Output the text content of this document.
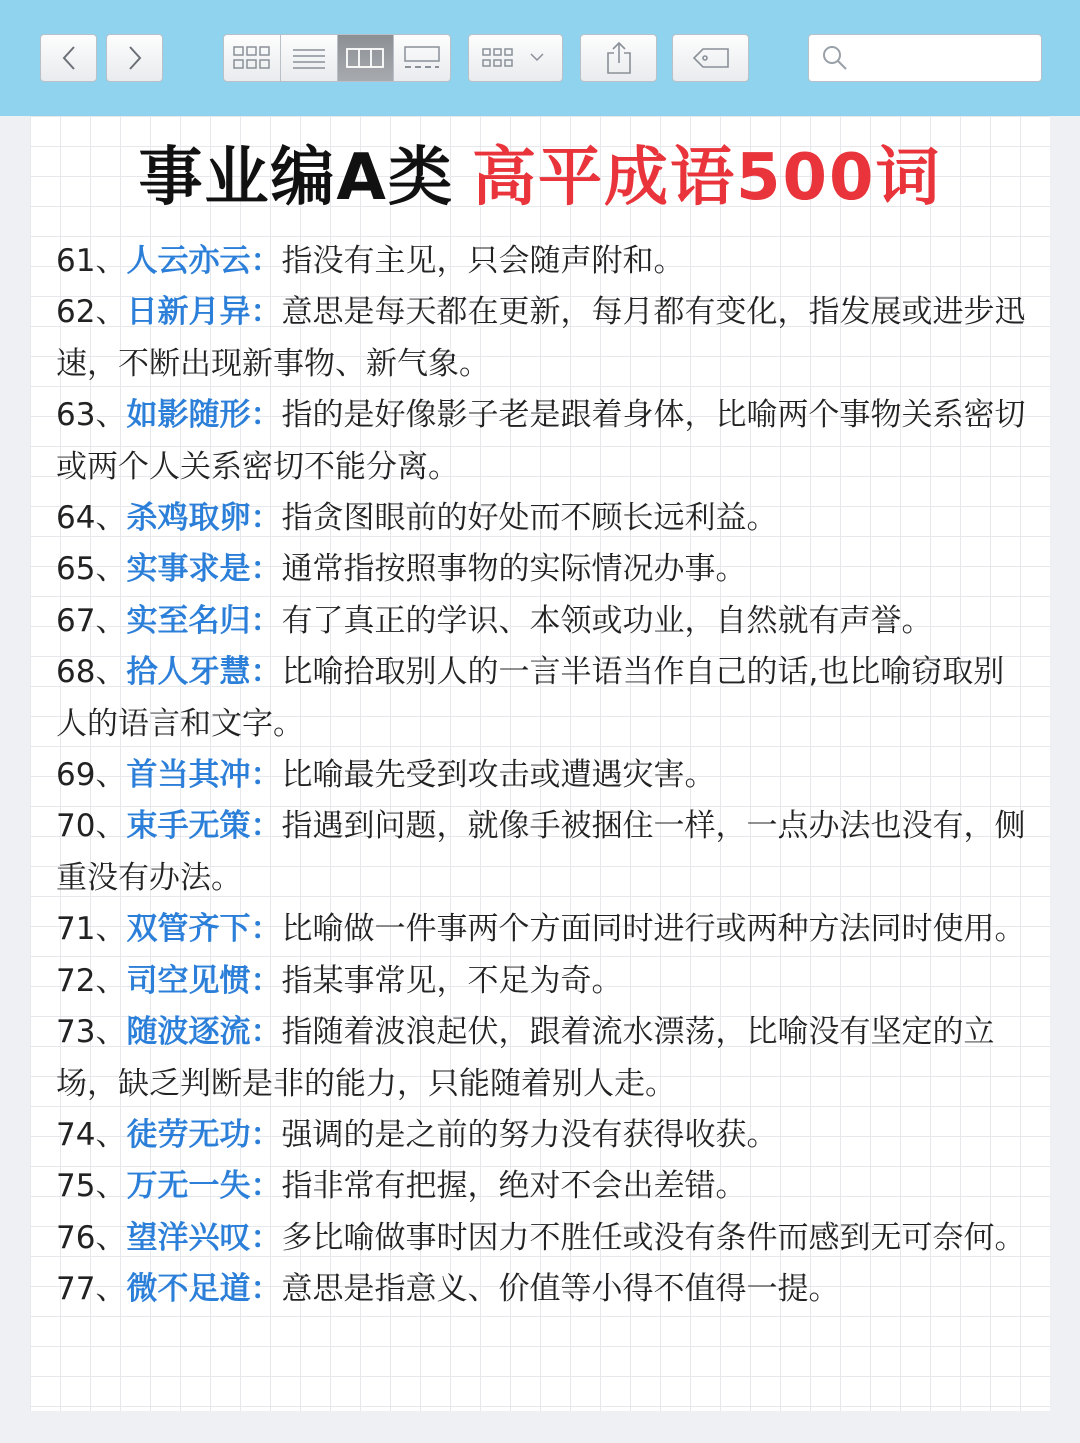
事业编A类 高平成语500词
61、人云亦云：指没有主见，只会随声附和。
62、日新月异：意思是每天都在更新，每月都有变化，指发展或进步迅速，不断出现新事物、新气象。
63、如影随形：指的是好像影子老是跟着身体，比喻两个事物关系密切或两个人关系密切不能分离。
64、杀鸡取卵：指贪图眼前的好处而不顾长远利益。
65、实事求是：通常指按照事物的实际情况办事。
67、实至名归：有了真正的学识、本领或功业，自然就有声誉。
68、拾人牙慧：比喻拾取别人的一言半语当作自己的话,也比喻窃取别人的语言和文字。
69、首当其冲：比喻最先受到攻击或遭遇灾害。
70、束手无策：指遇到问题，就像手被捆住一样，一点办法也没有，侧重没有办法。
71、双管齐下：比喻做一件事两个方面同时进行或两种方法同时使用。
72、司空见惯：指某事常见，不足为奇。
73、随波逐流：指随着波浪起伏，跟着流水漂荡，比喻没有坚定的立场，缺乏判断是非的能力，只能随着别人走。
74、徒劳无功：强调的是之前的努力没有获得收获。
75、万无一失：指非常有把握，绝对不会出差错。
76、望洋兴叹：多比喻做事时因力不胜任或没有条件而感到无可奈何。
77、微不足道：意思是指意义、价值等小得不值得一提。
